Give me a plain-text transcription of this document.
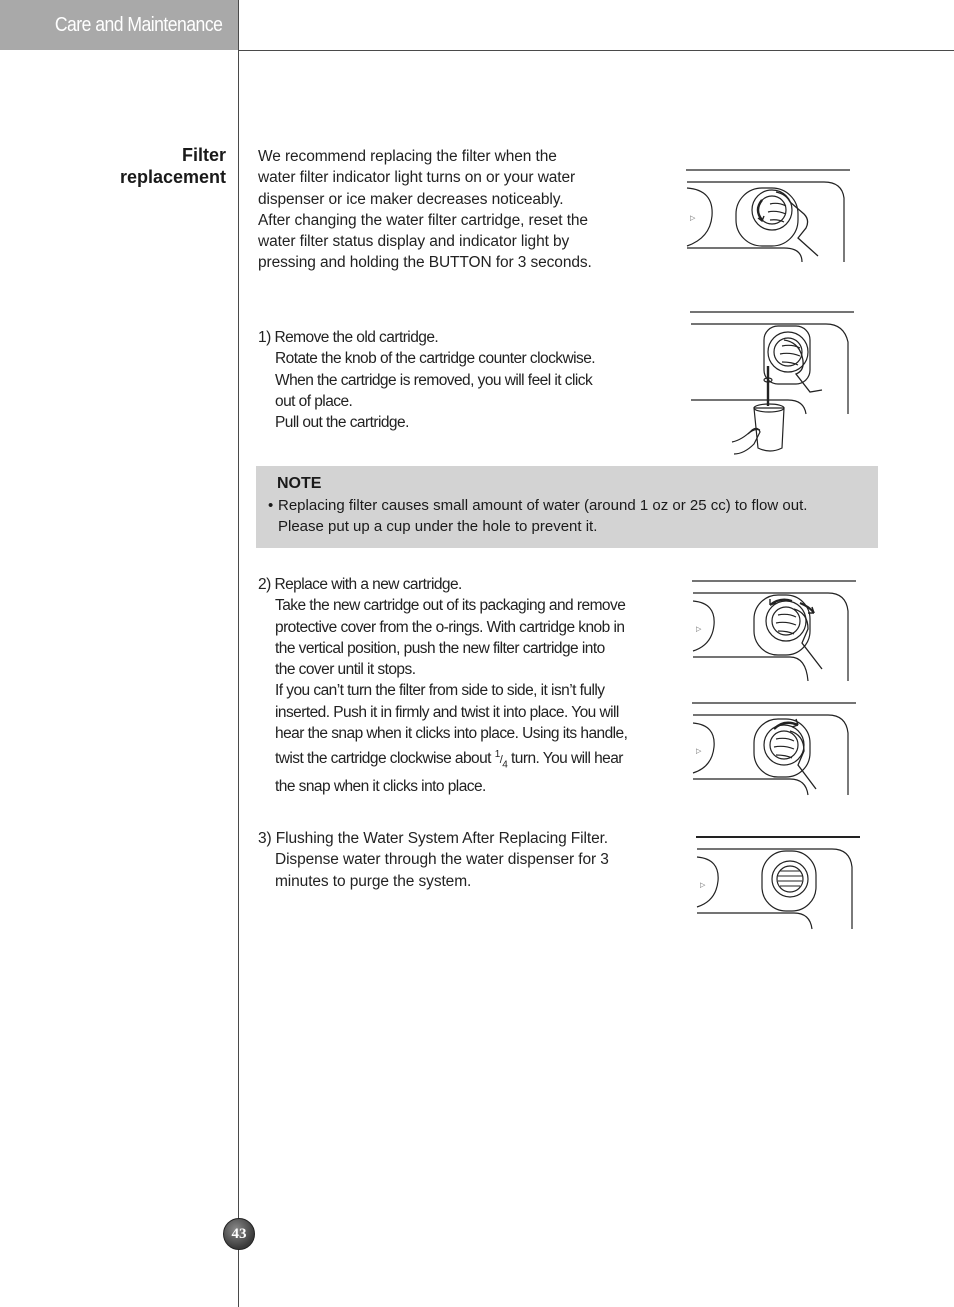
Care and Maintenance
Filter
replacement
We recommend replacing the filter when the
water filter indicator light turns on or your water
dispenser or ice maker decreases noticeably.
After changing the water filter cartridge, reset the
water filter status display and indicator light by
pressing and holding the BUTTON for 3 seconds.
1) Remove the old cartridge.
Rotate the knob of the cartridge counter clockwise.
When the cartridge is removed, you will feel it click
out of place.
Pull out the cartridge.
NOTE
• Replacing filter causes small amount of water (around 1 oz or 25 cc) to flow out.
Please put up a cup under the hole to prevent it.
2) Replace with a new cartridge.
Take the new cartridge out of its packaging and remove
protective cover from the o-rings. With cartridge knob in
the vertical position, push the new filter cartridge into
the cover until it stops.
If you can’t turn the filter from side to side, it isn’t fully
inserted. Push it in firmly and twist it into place. You will
hear the snap when it clicks into place. Using its handle,
twist the cartridge clockwise about $^1/_4$ turn. You will hear
the snap when it clicks into place.
3) Flushing the Water System After Replacing Filter.
Dispense water through the water dispenser for 3
minutes to purge the system.
▷
▷
▷
▷
43
